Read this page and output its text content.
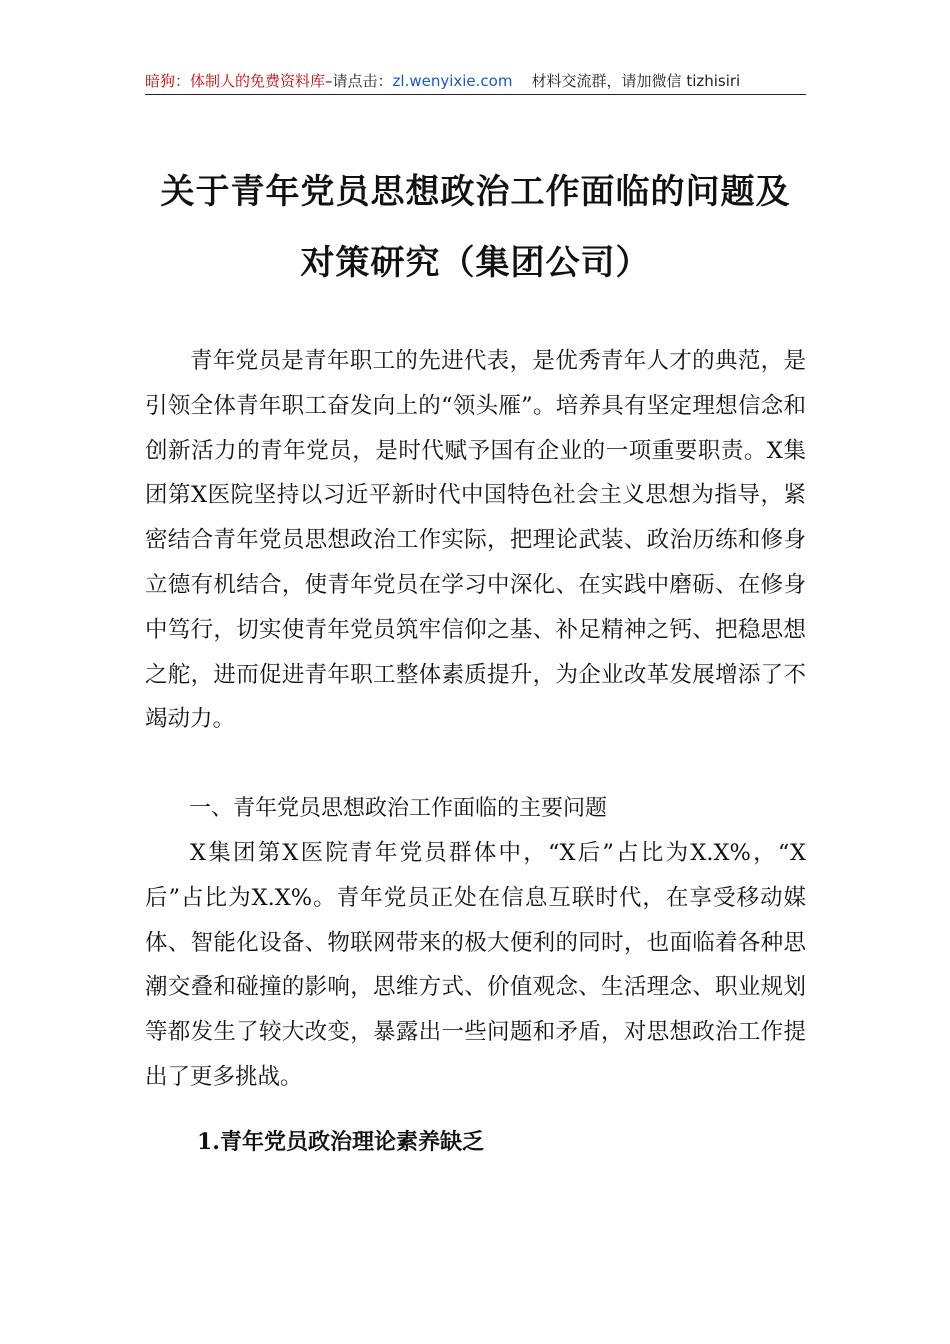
暗狗：体制人的免费资料库–请点击：zl.wenyixie.com 材料交流群，请加微信 tizhisiri
关于青年党员思想政治工作面临的问题及
对策研究（集团公司）

青年党员是青年职工的先进代表，是优秀青年人才的典范，是引领全体青年职工奋发向上的“领头雁”。培养具有坚定理想信念和创新活力的青年党员，是时代赋予国有企业的一项重要职责。X集团第X医院坚持以习近平新时代中国特色社会主义思想为指导，紧密结合青年党员思想政治工作实际，把理论武装、政治历练和修身立德有机结合，使青年党员在学习中深化、在实践中磨砺、在修身中笃行，切实使青年党员筑牢信仰之基、补足精神之钙、把稳思想之舵，进而促进青年职工整体素质提升，为企业改革发展增添了不竭动力。

一、青年党员思想政治工作面临的主要问题

X集团第X医院青年党员群体中，“X后”占比为X.X%，“X后”占比为X.X%。青年党员正处在信息互联时代，在享受移动媒体、智能化设备、物联网带来的极大便利的同时，也面临着各种思潮交叠和碰撞的影响，思维方式、价值观念、生活理念、职业规划等都发生了较大改变，暴露出一些问题和矛盾，对思想政治工作提出了更多挑战。

1.青年党员政治理论素养缺乏
